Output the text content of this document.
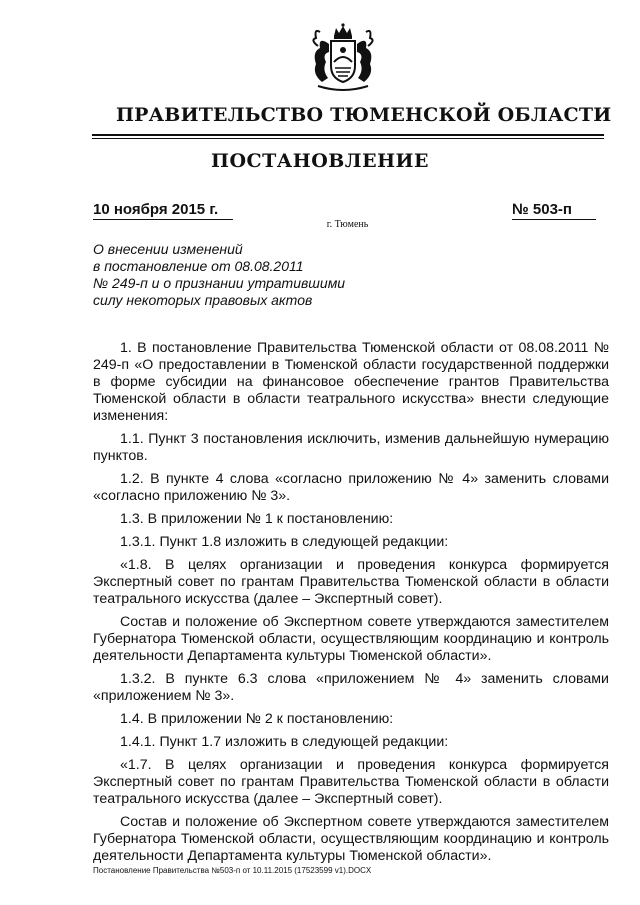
ПРАВИТЕЛЬСТВО ТЮМЕНСКОЙ ОБЛАСТИ
ПОСТАНОВЛЕНИЕ
10 ноября 2015 г.	№ 503-п
г. Тюмень
О внесении изменений
в постановление от 08.08.2011
№ 249-п и о признании утратившими
силу некоторых правовых актов

1. В постановление Правительства Тюменской области от 08.08.2011 № 249-п «О предоставлении в Тюменской области государственной поддержки в форме субсидии на финансовое обеспечение грантов Правительства Тюменской области в области театрального искусства» внести следующие изменения:

1.1. Пункт 3 постановления исключить, изменив дальнейшую нумерацию пунктов.

1.2. В пункте 4 слова «согласно приложению № 4» заменить словами «согласно приложению № 3».

1.3. В приложении № 1 к постановлению:

1.3.1. Пункт 1.8 изложить в следующей редакции:

«1.8. В целях организации и проведения конкурса формируется Экспертный совет по грантам Правительства Тюменской области в области театрального искусства (далее – Экспертный совет).

Состав и положение об Экспертном совете утверждаются заместителем Губернатора Тюменской области, осуществляющим координацию и контроль деятельности Департамента культуры Тюменской области».

1.3.2. В пункте 6.3 слова «приложением № 4» заменить словами «приложением № 3».

1.4. В приложении № 2 к постановлению:

1.4.1. Пункт 1.7 изложить в следующей редакции:

«1.7. В целях организации и проведения конкурса формируется Экспертный совет по грантам Правительства Тюменской области в области театрального искусства (далее – Экспертный совет).

Состав и положение об Экспертном совете утверждаются заместителем Губернатора Тюменской области, осуществляющим координацию и контроль деятельности Департамента культуры Тюменской области».

Постановление Правительства №503-п от 10.11.2015 (17523599 v1).DOCX
